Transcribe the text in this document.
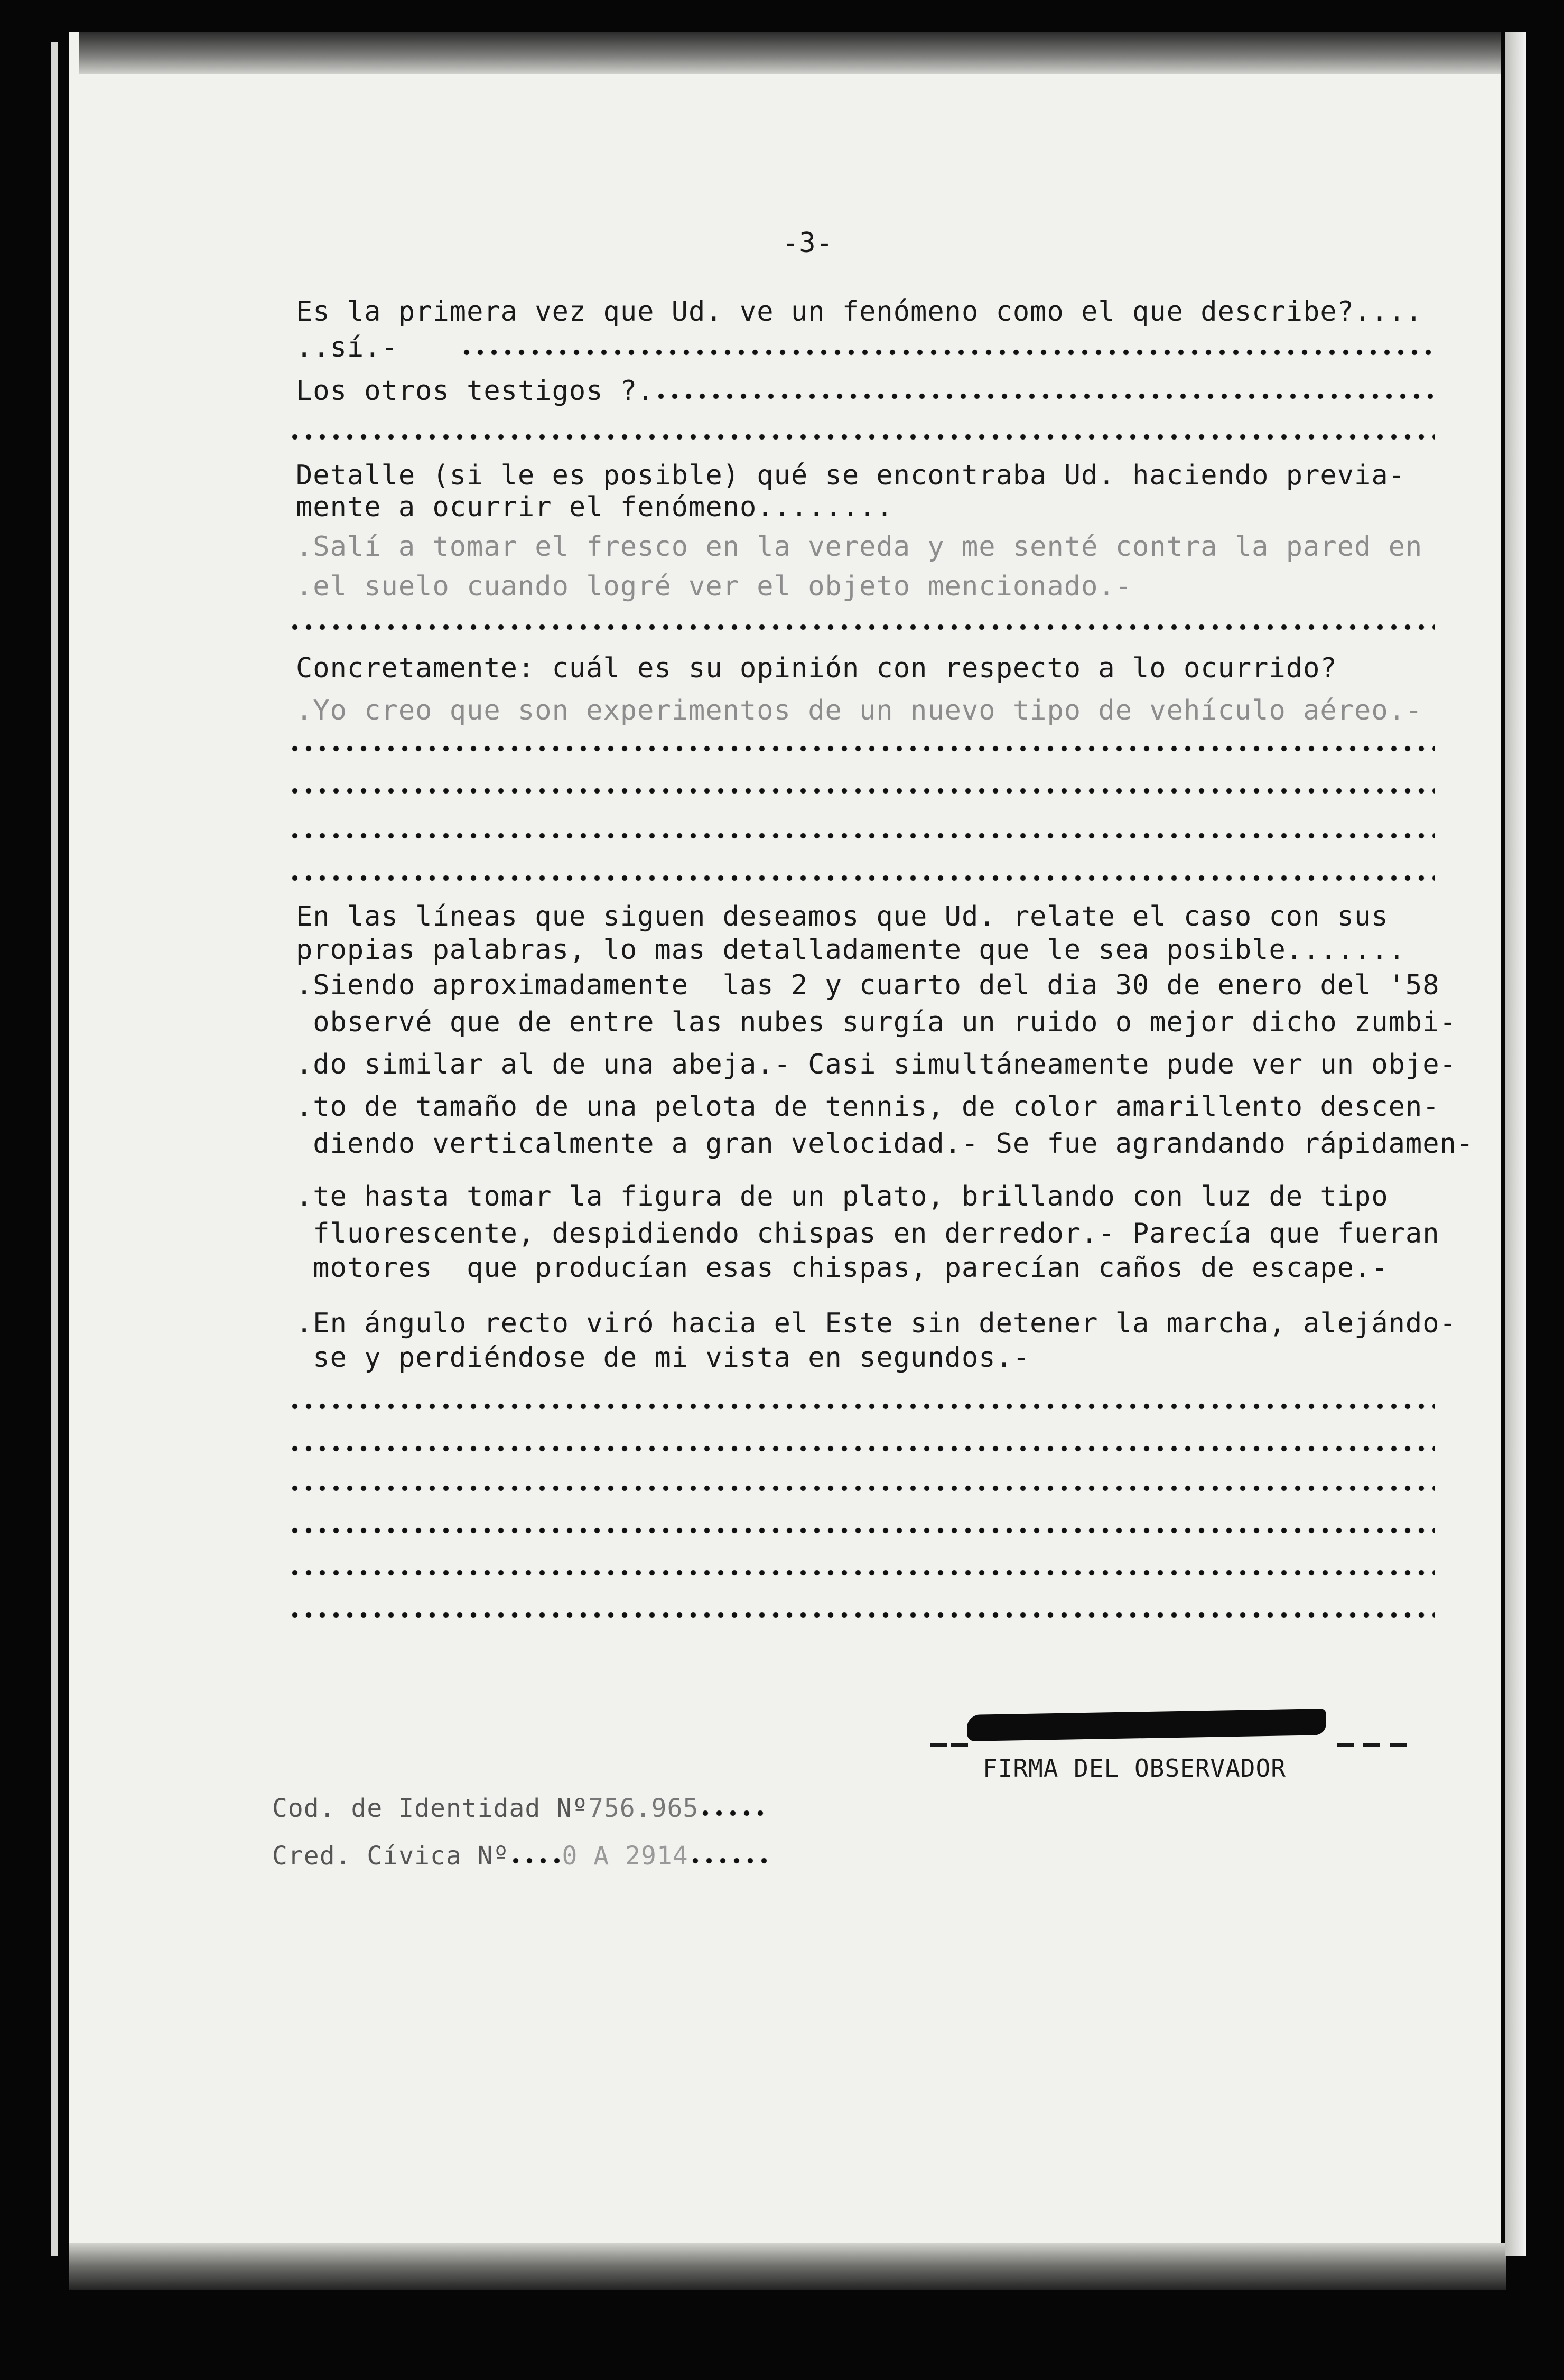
-3-
Es la primera vez que Ud. ve un fenómeno como el que describe?....
..sí.-
Los otros testigos ?.
Detalle (si le es posible) qué se encontraba Ud. haciendo previa-
mente a ocurrir el fenómeno........
.Salí a tomar el fresco en la vereda y me senté contra la pared en
.el suelo cuando logré ver el objeto mencionado.-
Concretamente: cuál es su opinión con respecto a lo ocurrido?
.Yo creo que son experimentos de un nuevo tipo de vehículo aéreo.-
En las líneas que siguen deseamos que Ud. relate el caso con sus
propias palabras, lo mas detalladamente que le sea posible.......
.Siendo aproximadamente  las 2 y cuarto del dia 30 de enero del '58
observé que de entre las nubes surgía un ruido o mejor dicho zumbi-
.do similar al de una abeja.- Casi simultáneamente pude ver un obje-
.to de tamaño de una pelota de tennis, de color amarillento descen-
diendo verticalmente a gran velocidad.- Se fue agrandando rápidamen-
.te hasta tomar la figura de un plato, brillando con luz de tipo
fluorescente, despidiendo chispas en derredor.- Parecía que fueran
motores  que producían esas chispas, parecían caños de escape.-
.En ángulo recto viró hacia el Este sin detener la marcha, alejándo-
se y perdiéndose de mi vista en segundos.-
FIRMA DEL OBSERVADOR
Cod. de Identidad Nº756.965
Cred. Cívica Nº 0 A 2914
